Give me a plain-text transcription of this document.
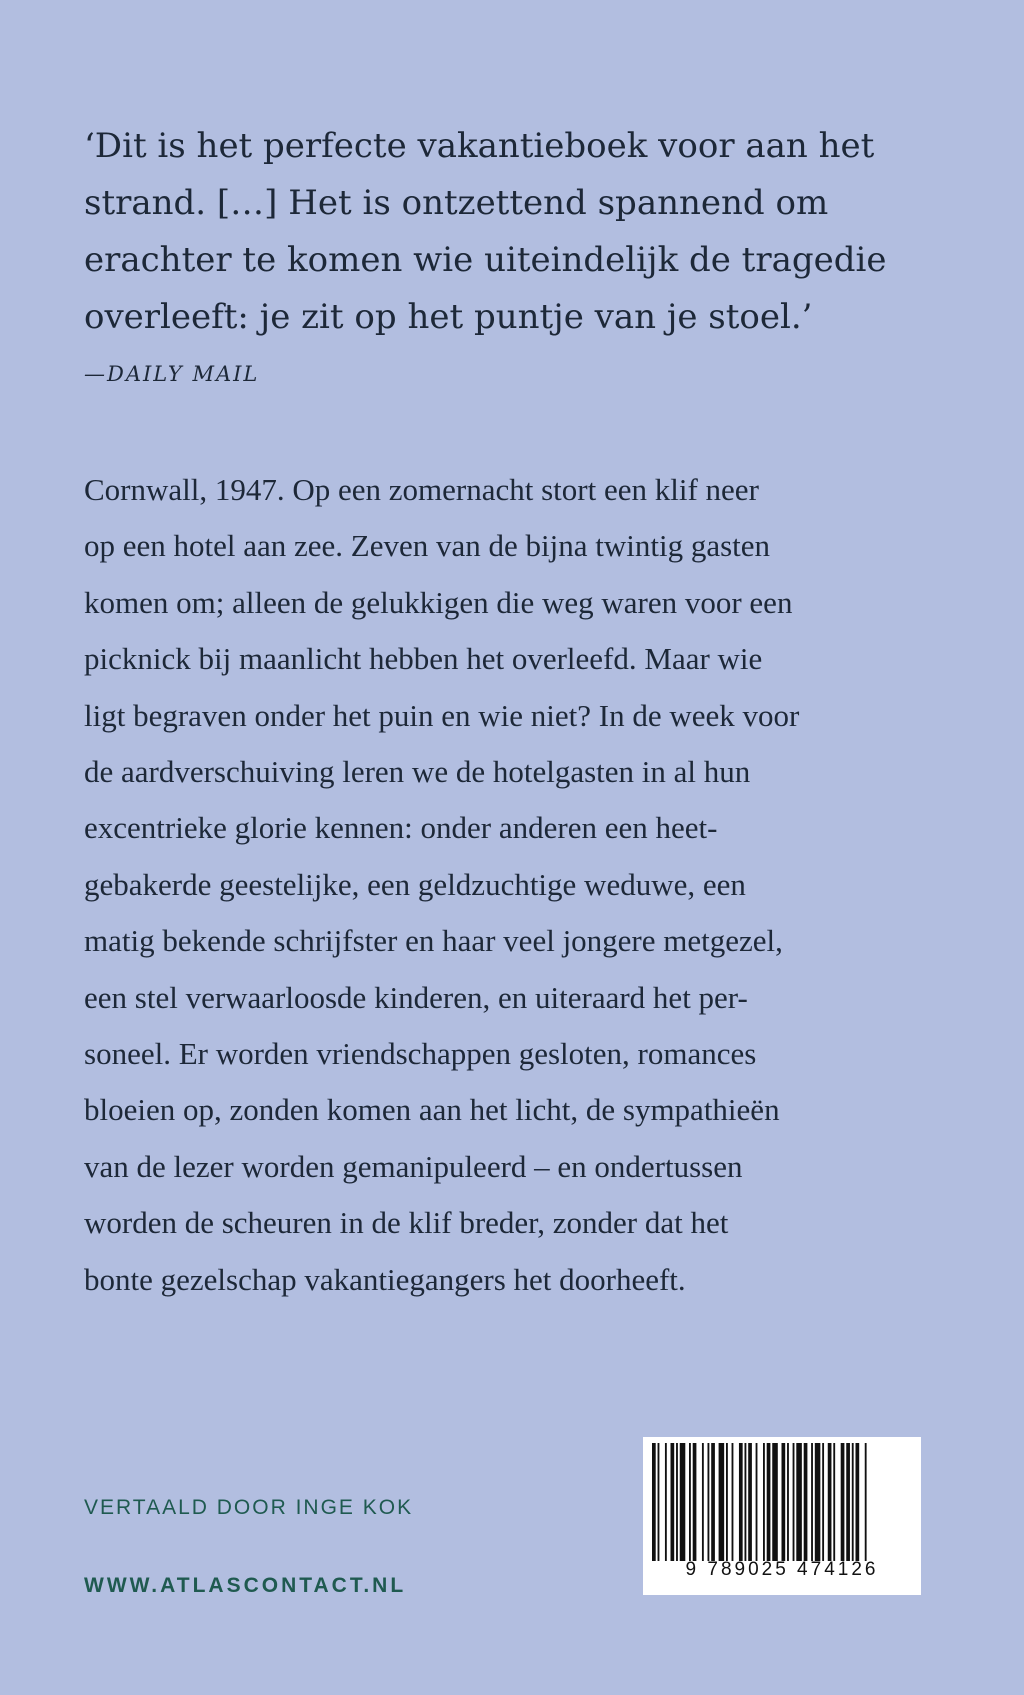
‘Dit is het perfecte vakantieboek voor aan het
strand. […] Het is ontzettend spannend om
erachter te komen wie uiteindelijk de tragedie
overleeft: je zit op het puntje van je stoel.’
—DAILY MAIL
Cornwall, 1947. Op een zomernacht stort een klif neer
op een hotel aan zee. Zeven van de bijna twintig gasten
komen om; alleen de gelukkigen die weg waren voor een
picknick bij maanlicht hebben het overleefd. Maar wie
ligt begraven onder het puin en wie niet? In de week voor
de aardverschuiving leren we de hotelgasten in al hun
excentrieke glorie kennen: onder anderen een heet-
gebakerde geestelijke, een geldzuchtige weduwe, een
matig bekende schrijfster en haar veel jongere metgezel,
een stel verwaarloosde kinderen, en uiteraard het per-
soneel. Er worden vriendschappen gesloten, romances
bloeien op, zonden komen aan het licht, de sympathieën
van de lezer worden gemanipuleerd – en ondertussen
worden de scheuren in de klif breder, zonder dat het
bonte gezelschap vakantiegangers het doorheeft.
VERTAALD DOOR INGE KOK
WWW.ATLASCONTACT.NL
9 789025 474126
